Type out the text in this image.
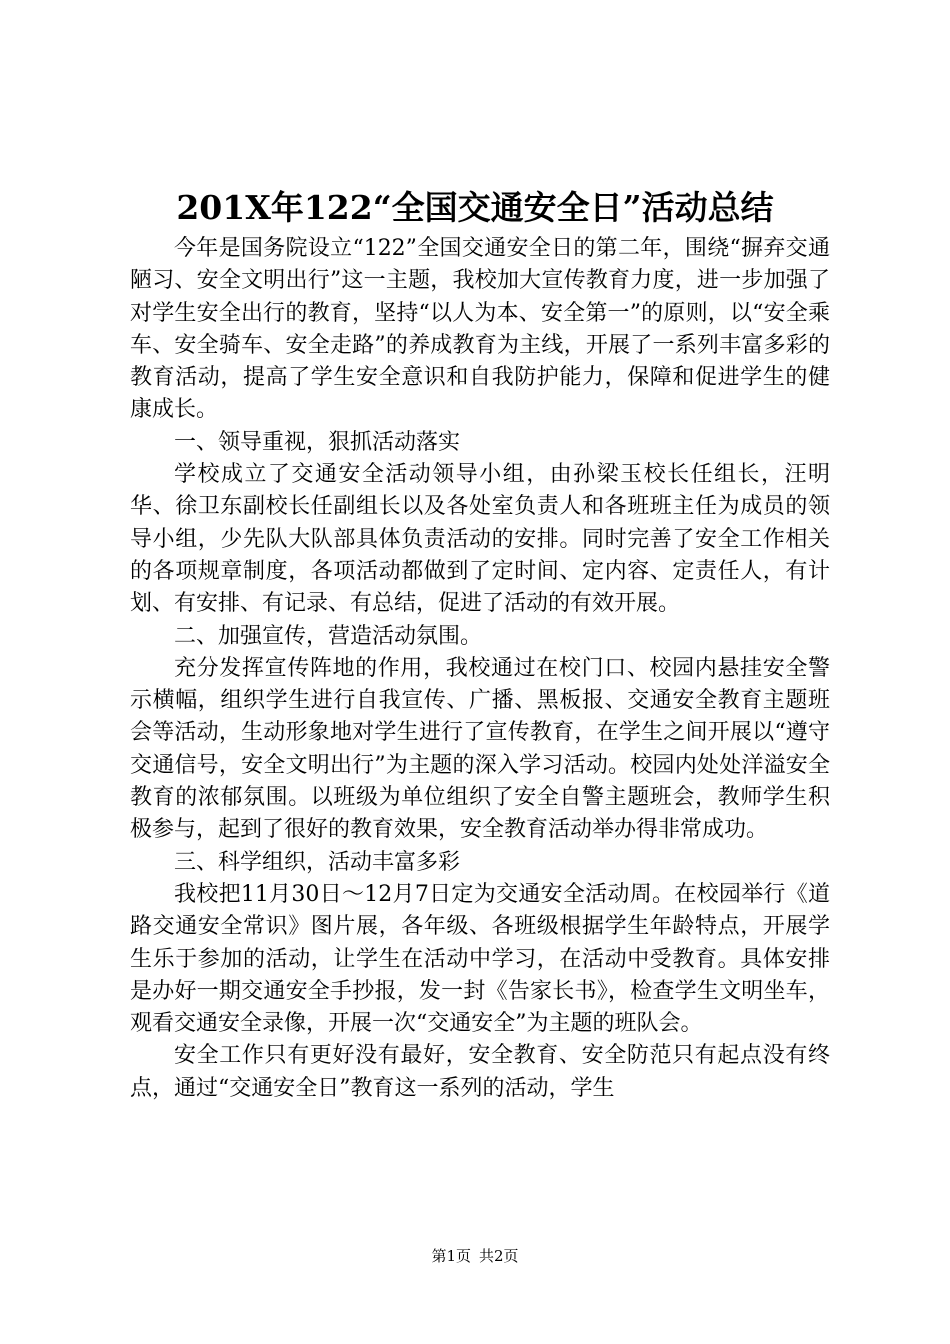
201X年122“全国交通安全日”活动总结

今年是国务院设立“122”全国交通安全日的第二年，围绕“摒弃交通陋习、安全文明出行”这一主题，我校加大宣传教育力度，进一步加强了对学生安全出行的教育，坚持“以人为本、安全第一”的原则，以“安全乘车、安全骑车、安全走路”的养成教育为主线，开展了一系列丰富多彩的教育活动，提高了学生安全意识和自我防护能力，保障和促进学生的健康成长。

一、领导重视，狠抓活动落实

学校成立了交通安全活动领导小组，由孙梁玉校长任组长，汪明华、徐卫东副校长任副组长以及各处室负责人和各班班主任为成员的领导小组，少先队大队部具体负责活动的安排。同时完善了安全工作相关的各项规章制度，各项活动都做到了定时间、定内容、定责任人，有计划、有安排、有记录、有总结，促进了活动的有效开展。

二、加强宣传，营造活动氛围。

充分发挥宣传阵地的作用，我校通过在校门口、校园内悬挂安全警示横幅，组织学生进行自我宣传、广播、黑板报、交通安全教育主题班会等活动，生动形象地对学生进行了宣传教育，在学生之间开展以“遵守交通信号，安全文明出行”为主题的深入学习活动。校园内处处洋溢安全教育的浓郁氛围。以班级为单位组织了安全自警主题班会，教师学生积极参与，起到了很好的教育效果，安全教育活动举办得非常成功。

三、科学组织，活动丰富多彩

我校把11月30日～12月7日定为交通安全活动周。在校园举行《道路交通安全常识》图片展，各年级、各班级根据学生年龄特点，开展学生乐于参加的活动，让学生在活动中学习，在活动中受教育。具体安排是办好一期交通安全手抄报，发一封《告家长书》，检查学生文明坐车，观看交通安全录像，开展一次“交通安全”为主题的班队会。

安全工作只有更好没有最好，安全教育、安全防范只有起点没有终点，通过“交通安全日”教育这一系列的活动，学生

第1页 共2页
